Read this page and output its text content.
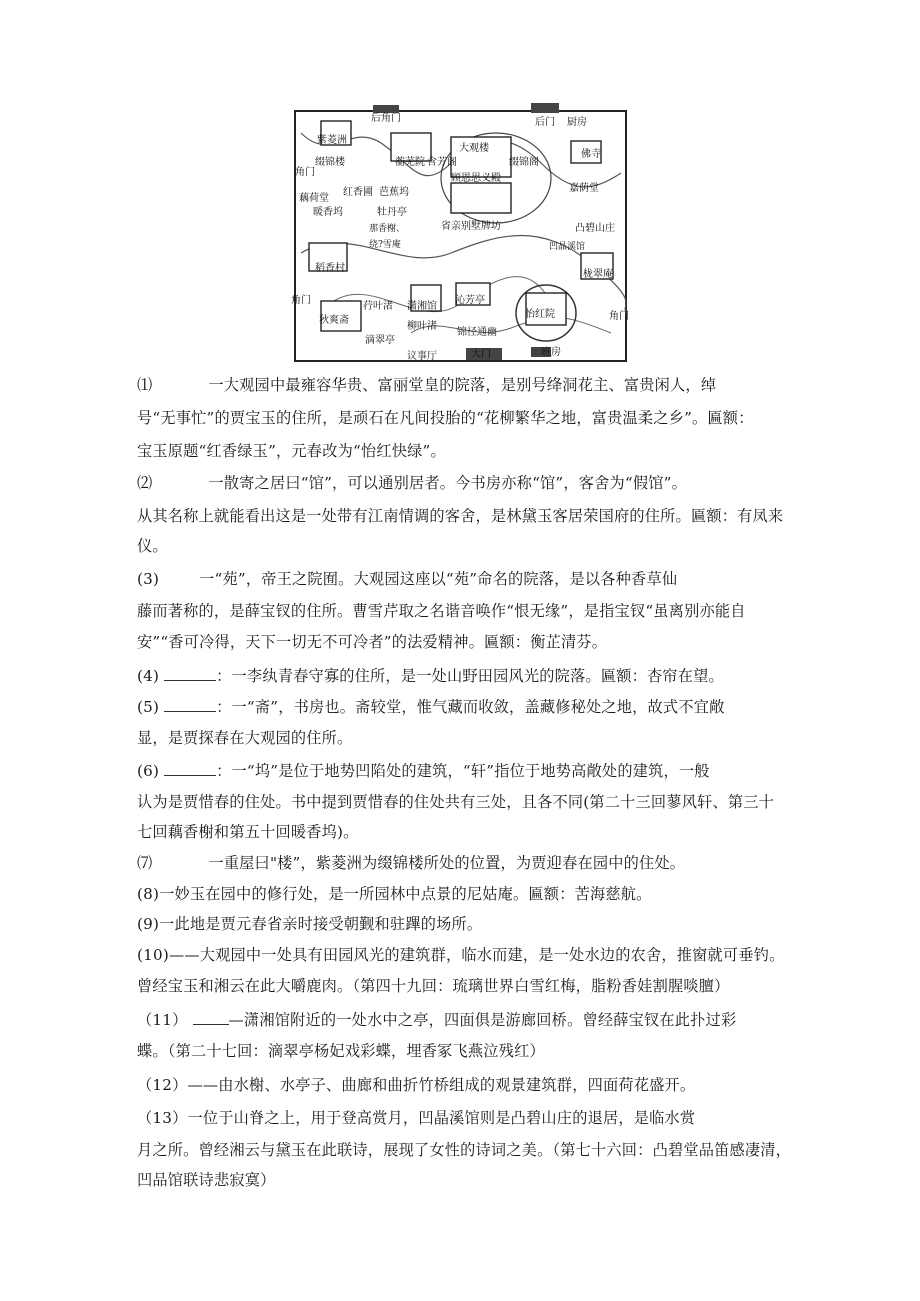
后角门	后门 厨房
紫菱洲
缀锦楼	蘅芜院 含芳阁
大观楼
缀锦阁
佛寺
角门
藕荷堂
红香圃 芭蕉坞
顾恩思义殿
嘉荫堂
暖香坞	牡丹亭
省亲别墅牌坊	凸碧山庄
那香榭、
绕?雪庵	凹晶溪馆
稻香村
栊翠庵
角门
荇叶渚 潇湘馆
沁芳亭
角门
秋爽斋
柳叶渚
怡红院
滴翠亭
锦径通幽
议事厅	大门	班房
⑴	一大观园中最雍容华贵、富丽堂皇的院落，是别号绛洞花主、富贵闲人，绰
号“无事忙”的贾宝玉的住所，是顽石在凡间投胎的“花柳繁华之地，富贵温柔之乡”。匾额：
宝玉原题“红香绿玉”，元春改为“怡红快绿”。
⑵	一散寄之居曰“馆”，可以通别居者。今书房亦称“馆”，客舍为“假馆”。
从其名称上就能看出这是一处带有江南情调的客舍，是林黛玉客居荣国府的住所。匾额：有凤来
仪。
(3)	一“苑”，帝王之院囿。大观园这座以“苑”命名的院落，是以各种香草仙
藤而著称的，是薛宝钗的住所。曹雪芹取之名谐音唤作“恨无缘”，是指宝钗“虽离别亦能自
安”“香可冷得，天下一切无不可冷者”的法爱精神。匾额：衡芷清芬。
(4)	：一李纨青春守寡的住所，是一处山野田园风光的院落。匾额：杏帘在望。
(5)	：一“斋”，书房也。斋较堂，惟气藏而收敛，盖藏修秘处之地，故式不宜敞
显，是贾探春在大观园的住所。
(6)	：一“坞”是位于地势凹陷处的建筑，“轩”指位于地势高敞处的建筑，一般
认为是贾惜春的住处。书中提到贾惜春的住处共有三处，且各不同(第二十三回蓼风轩、第三十
七回藕香榭和第五十回暖香坞)。
⑺	一重屋曰"楼”，紫菱洲为缀锦楼所处的位置，为贾迎春在园中的住处。
(8)一妙玉在园中的修行处，是一所园林中点景的尼姑庵。匾额：苦海慈航。
(9)一此地是贾元春省亲时接受朝觐和驻蹕的场所。
(10)——大观园中一处具有田园风光的建筑群，临水而建，是一处水边的农舍，推窗就可垂钓。
曾经宝玉和湘云在此大嚼鹿肉。（第四十九回：琉璃世界白雪红梅，脂粉香娃割腥啖膻）
（11）	—潇湘馆附近的一处水中之亭，四面俱是游廊回桥。曾经薛宝钗在此扑过彩
蝶。（第二十七回：滴翠亭杨妃戏彩蝶，埋香冢飞燕泣残红）
（12）——由水榭、水亭子、曲廊和曲折竹桥组成的观景建筑群，四面荷花盛开。
（13）一位于山脊之上，用于登高赏月，凹晶溪馆则是凸碧山庄的退居，是临水赏
月之所。曾经湘云与黛玉在此联诗，展现了女性的诗词之美。（第七十六回：凸碧堂品笛感凄清，
凹品馆联诗悲寂寞）
